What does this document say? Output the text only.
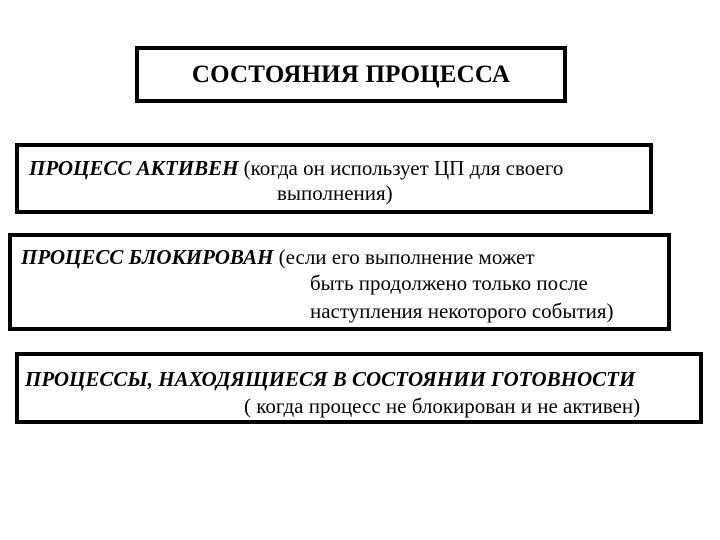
СОСТОЯНИЯ ПРОЦЕССА
ПРОЦЕСС АКТИВЕН (когда он использует ЦП для своего
выполнения)
ПРОЦЕСС БЛОКИРОВАН (если его выполнение может
быть продолжено только после
наступления некоторого события)
ПРОЦЕССЫ, НАХОДЯЩИЕСЯ В СОСТОЯНИИ ГОТОВНОСТИ
( когда процесс не блокирован и не активен)
